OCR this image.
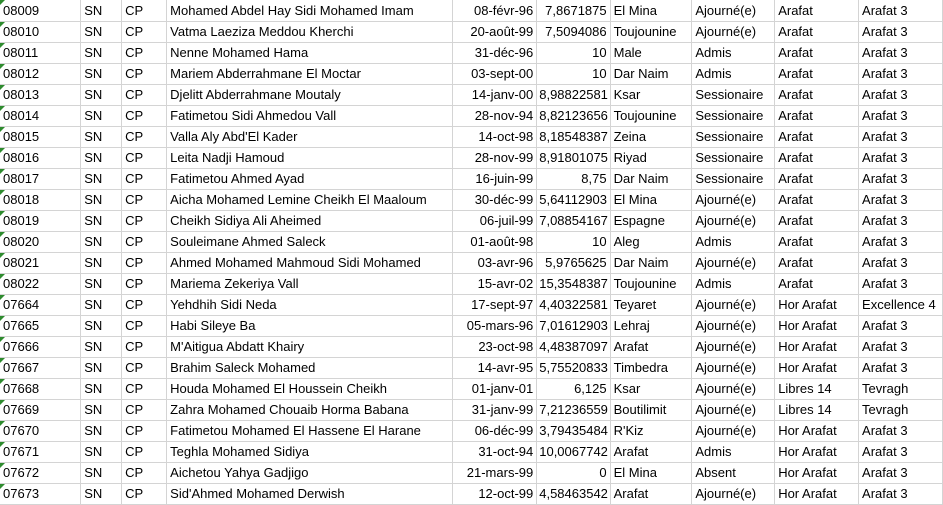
08009	SN	CP	Mohamed Abdel Hay Sidi Mohamed Imam	08-févr-96	7,8671875	El Mina	Ajourné(e)	Arafat	Arafat 3
08010	SN	CP	Vatma Laeziza Meddou Kherchi	20-août-99	7,5094086	Toujounine	Ajourné(e)	Arafat	Arafat 3
08011	SN	CP	Nenne Mohamed Hama	31-déc-96	10	Male	Admis	Arafat	Arafat 3
08012	SN	CP	Mariem Abderrahmane El Moctar	03-sept-00	10	Dar Naim	Admis	Arafat	Arafat 3
08013	SN	CP	Djelitt Abderrahmane Moutaly	14-janv-00	8,98822581	Ksar	Sessionaire	Arafat	Arafat 3
08014	SN	CP	Fatimetou Sidi Ahmedou Vall	28-nov-94	8,82123656	Toujounine	Sessionaire	Arafat	Arafat 3
08015	SN	CP	Valla Aly Abd'El Kader	14-oct-98	8,18548387	Zeina	Sessionaire	Arafat	Arafat 3
08016	SN	CP	Leita Nadji Hamoud	28-nov-99	8,91801075	Riyad	Sessionaire	Arafat	Arafat 3
08017	SN	CP	Fatimetou Ahmed Ayad	16-juin-99	8,75	Dar Naim	Sessionaire	Arafat	Arafat 3
08018	SN	CP	Aicha Mohamed Lemine Cheikh El Maaloum	30-déc-99	5,64112903	El Mina	Ajourné(e)	Arafat	Arafat 3
08019	SN	CP	Cheikh Sidiya Ali Aheimed	06-juil-99	7,08854167	Espagne	Ajourné(e)	Arafat	Arafat 3
08020	SN	CP	Souleimane Ahmed Saleck	01-août-98	10	Aleg	Admis	Arafat	Arafat 3
08021	SN	CP	Ahmed Mohamed Mahmoud Sidi Mohamed	03-avr-96	5,9765625	Dar Naim	Ajourné(e)	Arafat	Arafat 3
08022	SN	CP	Mariema Zekeriya Vall	15-avr-02	15,3548387	Toujounine	Admis	Arafat	Arafat 3
07664	SN	CP	Yehdhih Sidi Neda	17-sept-97	4,40322581	Teyaret	Ajourné(e)	Hor Arafat	Excellence 4
07665	SN	CP	Habi Sileye Ba	05-mars-96	7,01612903	Lehraj	Ajourné(e)	Hor Arafat	Arafat 3
07666	SN	CP	M'Aitigua Abdatt Khairy	23-oct-98	4,48387097	Arafat	Ajourné(e)	Hor Arafat	Arafat 3
07667	SN	CP	Brahim Saleck Mohamed	14-avr-95	5,75520833	Timbedra	Ajourné(e)	Hor Arafat	Arafat 3
07668	SN	CP	Houda Mohamed El Houssein Cheikh	01-janv-01	6,125	Ksar	Ajourné(e)	Libres 14	Tevragh
07669	SN	CP	Zahra Mohamed Chouaib Horma Babana	31-janv-99	7,21236559	Boutilimit	Ajourné(e)	Libres 14	Tevragh
07670	SN	CP	Fatimetou Mohamed El Hassene El Harane	06-déc-99	3,79435484	R'Kiz	Ajourné(e)	Hor Arafat	Arafat 3
07671	SN	CP	Teghla Mohamed Sidiya	31-oct-94	10,0067742	Arafat	Admis	Hor Arafat	Arafat 3
07672	SN	CP	Aichetou Yahya Gadjigo	21-mars-99	0	El Mina	Absent	Hor Arafat	Arafat 3
07673	SN	CP	Sid'Ahmed Mohamed Derwish	12-oct-99	4,58463542	Arafat	Ajourné(e)	Hor Arafat	Arafat 3
